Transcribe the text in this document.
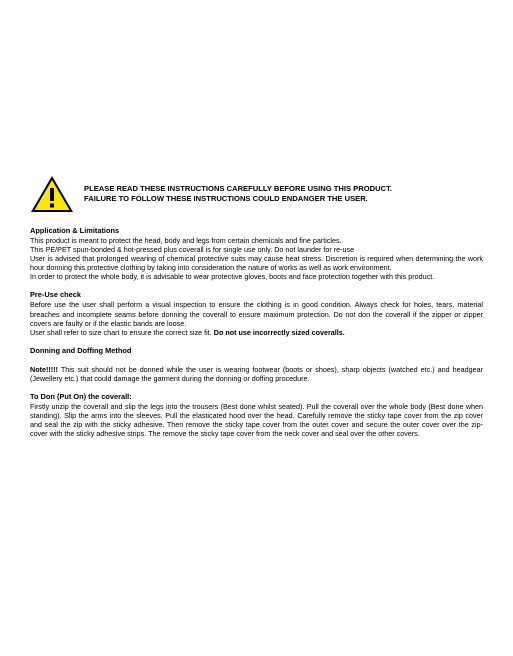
PLEASE READ THESE INSTRUCTIONS CAREFULLY BEFORE USING THIS PRODUCT.
FAILURE TO FOLLOW THESE INSTRUCTIONS COULD ENDANGER THE USER.
Application & Limitations

This product is meant to protect the head, body and legs from certain chemicals and fine particles.

This PE/PET spun-bonded & hot-pressed plus coverall is for single use only. Do not launder for re-use

User is advised that prolonged wearing of chemical protective suits may cause heat stress. Discretion is required when determining the work hour donning this protective clothing by taking into consideration the nature of works as well as work environment.

In order to protect the whole body, it is advisable to wear protective gloves, boots and face protection together with this product.

Pre-Use check

Before use the user shall perform a visual inspection to ensure the clothing is in good condition. Always check for holes, tears, material breaches and incomplete seams before donning the coverall to ensure maximum protection. Do not don the coverall if the zipper or zipper covers are faulty or if the elastic bands are loose.

User shall refer to size chart to ensure the correct size fit. Do not use incorrectly sized coveralls.

Donning and Doffing Method

Note!!!!! This suit should not be donned while the user is wearing footwear (boots or shoes), sharp objects (watched etc.) and headgear (Jewellery etc.) that could damage the garment during the donning or doffing procedure.

To Don (Put On) the coverall:

Firstly unzip the coverall and slip the legs into the trousers (Best done whilst seated). Pull the coverall over the whole body (Best done when standing). Slip the arms into the sleeves. Pull the elasticated hood over the head. Carefully remove the sticky tape cover from the zip cover and seal the zip with the sticky adhesive. Then remove the sticky tape cover from the outer cover and secure the outer cover over the zip-cover with the sticky adhesive strips. The remove the sticky tape cover from the neck cover and seal over the other covers.
